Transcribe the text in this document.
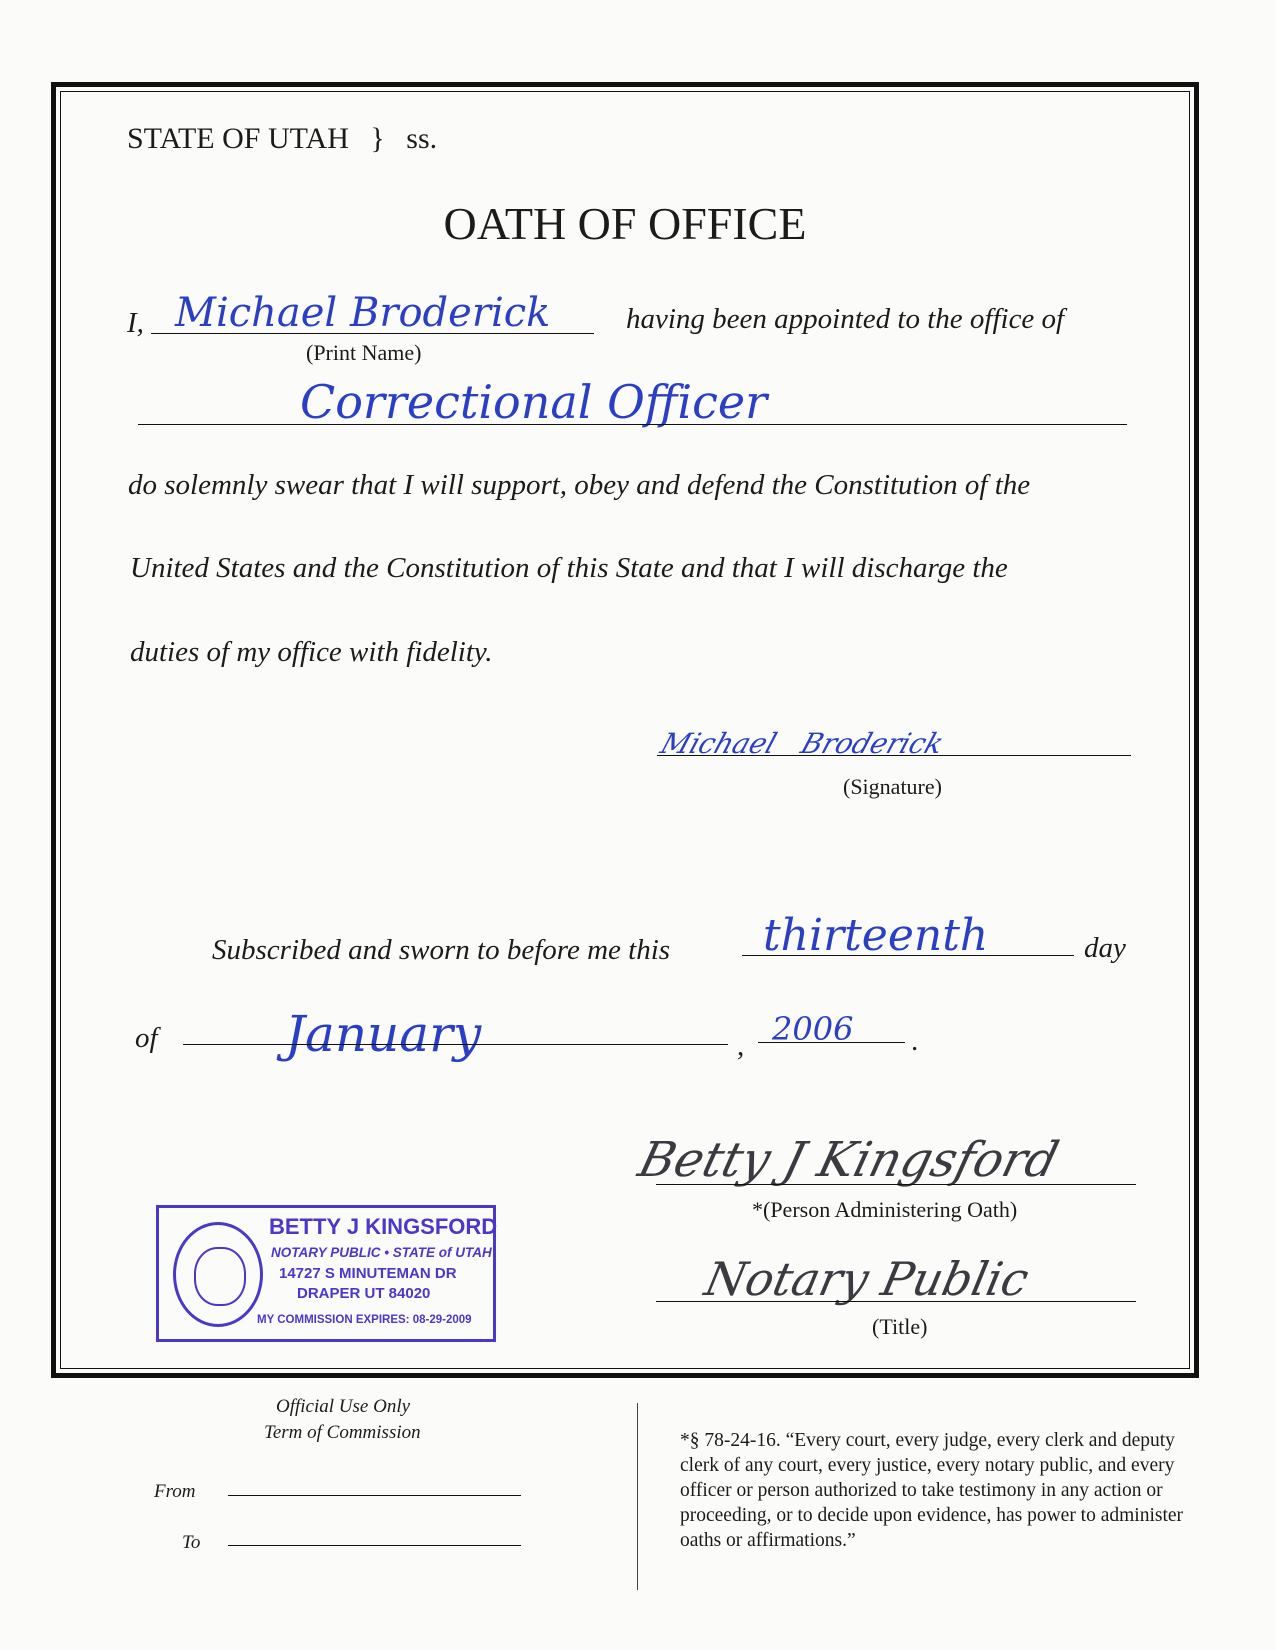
STATE OF UTAH } ss.
OATH OF OFFICE
I, Michael Broderick
(Print Name)
having been appointed to the office of
Correctional Officer
do solemnly swear that I will support, obey and defend the Constitution of the
United States and the Constitution of this State and that I will discharge the
duties of my office with fidelity.
Michael   Broderick
(Signature)
Subscribed and sworn to before me this thirteenth	day
of	January	, 2006 .
Betty J Kingsford
*(Person Administering Oath)
Notary Public
(Title)
BETTY J KINGSFORD
NOTARY PUBLIC • STATE of UTAH
14727 S MINUTEMAN DR
DRAPER UT 84020
MY COMMISSION EXPIRES: 08-29-2009
Official Use Only
Term of Commission
From
To
*§ 78-24-16. “Every court, every judge, every clerk and deputy clerk of any court, every justice, every notary public, and every officer or person authorized to take testimony in any action or proceeding, or to decide upon evidence, has power to administer oaths or affirmations.”
